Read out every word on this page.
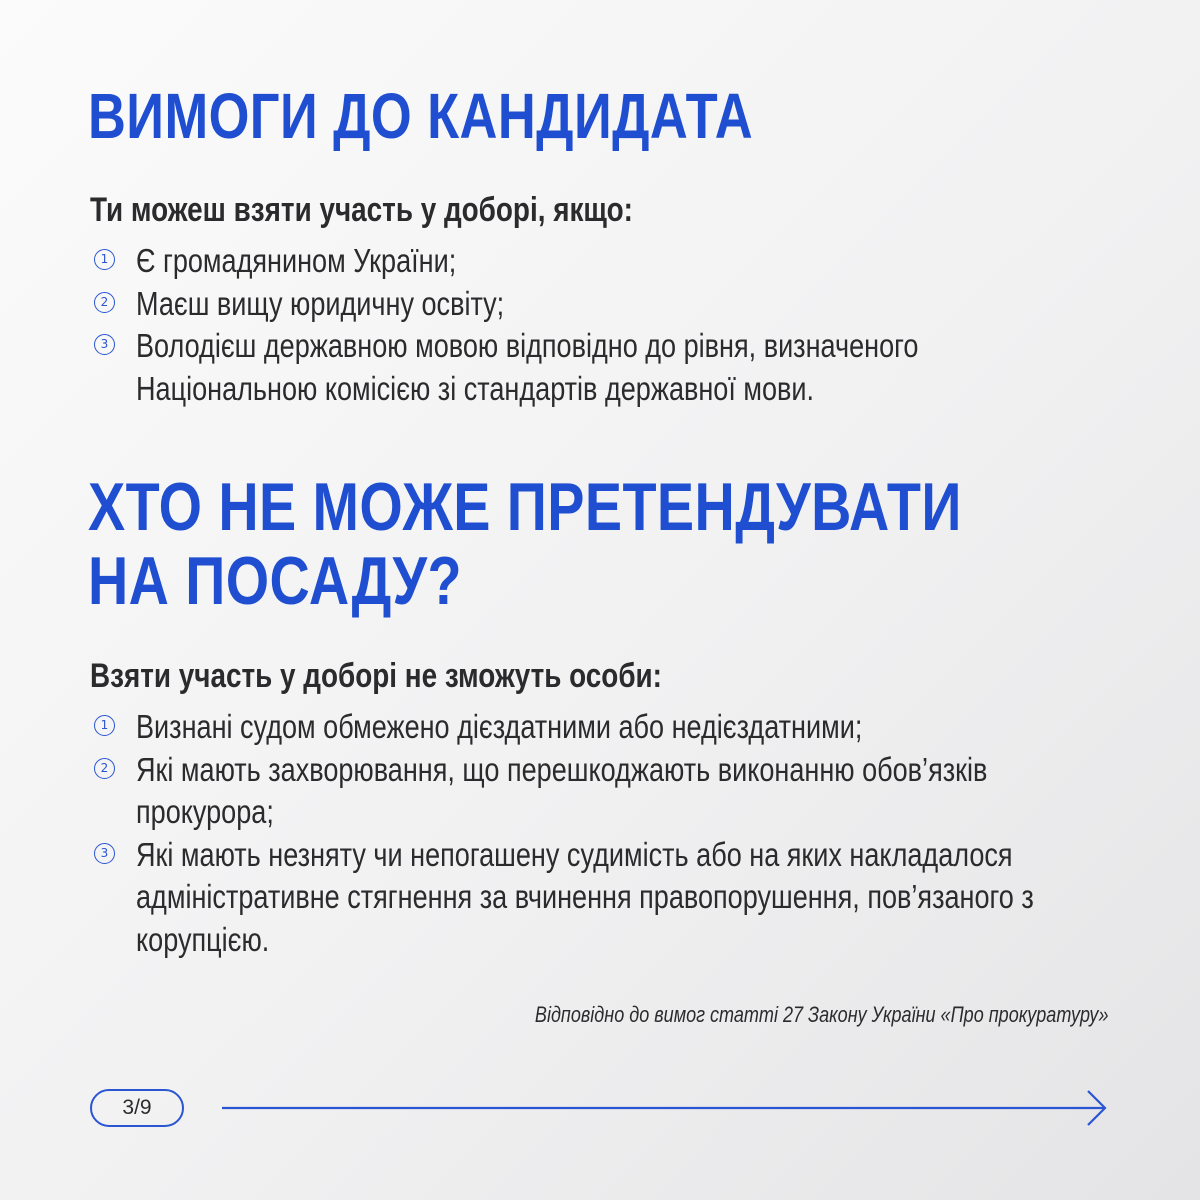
ВИМОГИ ДО КАНДИДАТА

Ти можеш взяти участь у доборі, якщо:

1 Є громадянином України;
2 Маєш вищу юридичну освіту;
3 Володієш державною мовою відповідно до рівня, визначеного Національною комісією зі стандартів державної мови.
ХТО НЕ МОЖЕ ПРЕТЕНДУВАТИ
НА ПОСАДУ?

Взяти участь у доборі не зможуть особи:

1 Визнані судом обмежено дієздатними або недієздатними;
2 Які мають захворювання, що перешкоджають виконанню обов’язків прокурора;
3 Які мають незняту чи непогашену судимість або на яких накладалося адміністративне стягнення за вчинення правопорушення, пов’язаного з корупцією.

Відповідно до вимог статті 27 Закону України «Про прокуратуру»

3/9
